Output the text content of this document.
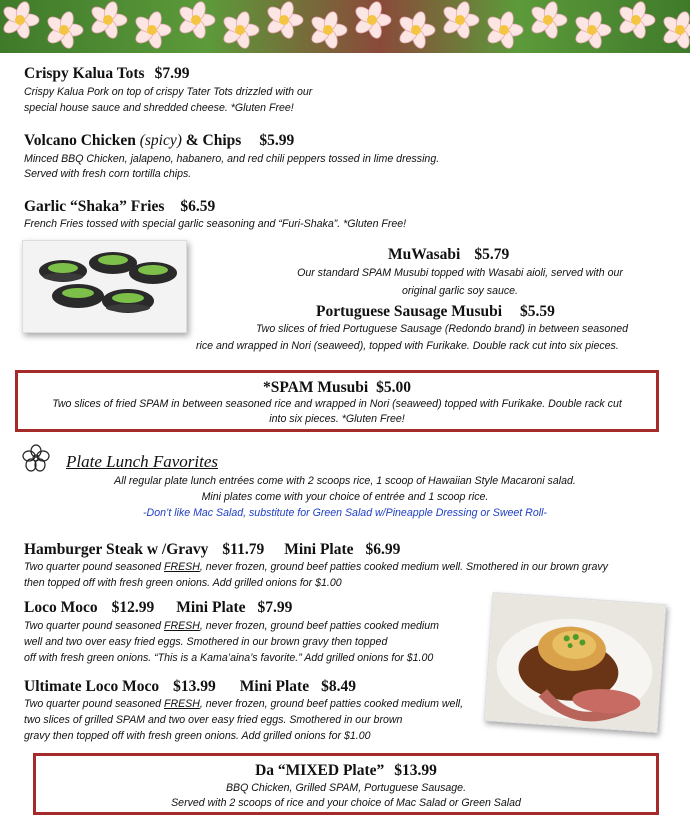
Crispy Kalua Tots $7.99
Crispy Kalua Pork on top of crispy Tater Tots drizzled with our
special house sauce and shredded cheese. *Gluten Free!
Volcano Chicken (spicy) & Chips $5.99
Minced BBQ Chicken, jalapeno, habanero, and red chili peppers tossed in lime dressing.
Served with fresh corn tortilla chips.
Garlic “Shaka” Fries $6.59
French Fries tossed with special garlic seasoning and “Furi-Shaka”. *Gluten Free!
MuWasabi $5.79
Our standard SPAM Musubi topped with Wasabi aioli, served with our
original garlic soy sauce.
Portuguese Sausage Musubi $5.59
Two slices of fried Portuguese Sausage (Redondo brand) in between seasoned
rice and wrapped in Nori (seaweed), topped with Furikake. Double rack cut into six pieces.
*SPAM Musubi $5.00
Two slices of fried SPAM in between seasoned rice and wrapped in Nori (seaweed) topped with Furikake. Double rack cut
into six pieces. *Gluten Free!
Plate Lunch Favorites
All regular plate lunch entrées come with 2 scoops rice, 1 scoop of Hawaiian Style Macaroni salad.
Mini plates come with your choice of entrée and 1 scoop rice.
-Don’t like Mac Salad, substitute for Green Salad w/Pineapple Dressing or Sweet Roll-
Hamburger Steak w /Gravy $11.79 Mini Plate $6.99
Two quarter pound seasoned FRESH, never frozen, ground beef patties cooked medium well. Smothered in our brown gravy
then topped off with fresh green onions. Add grilled onions for $1.00
Loco Moco $12.99 Mini Plate $7.99
Two quarter pound seasoned FRESH, never frozen, ground beef patties cooked medium
well and two over easy fried eggs. Smothered in our brown gravy then topped
off with fresh green onions. “This is a Kama’aina’s favorite.” Add grilled onions for $1.00
Ultimate Loco Moco $13.99 Mini Plate $8.49
Two quarter pound seasoned FRESH, never frozen, ground beef patties cooked medium well,
two slices of grilled SPAM and two over easy fried eggs. Smothered in our brown
gravy then topped off with fresh green onions. Add grilled onions for $1.00
Da “MIXED Plate” $13.99
BBQ Chicken, Grilled SPAM, Portuguese Sausage.
Served with 2 scoops of rice and your choice of Mac Salad or Green Salad
